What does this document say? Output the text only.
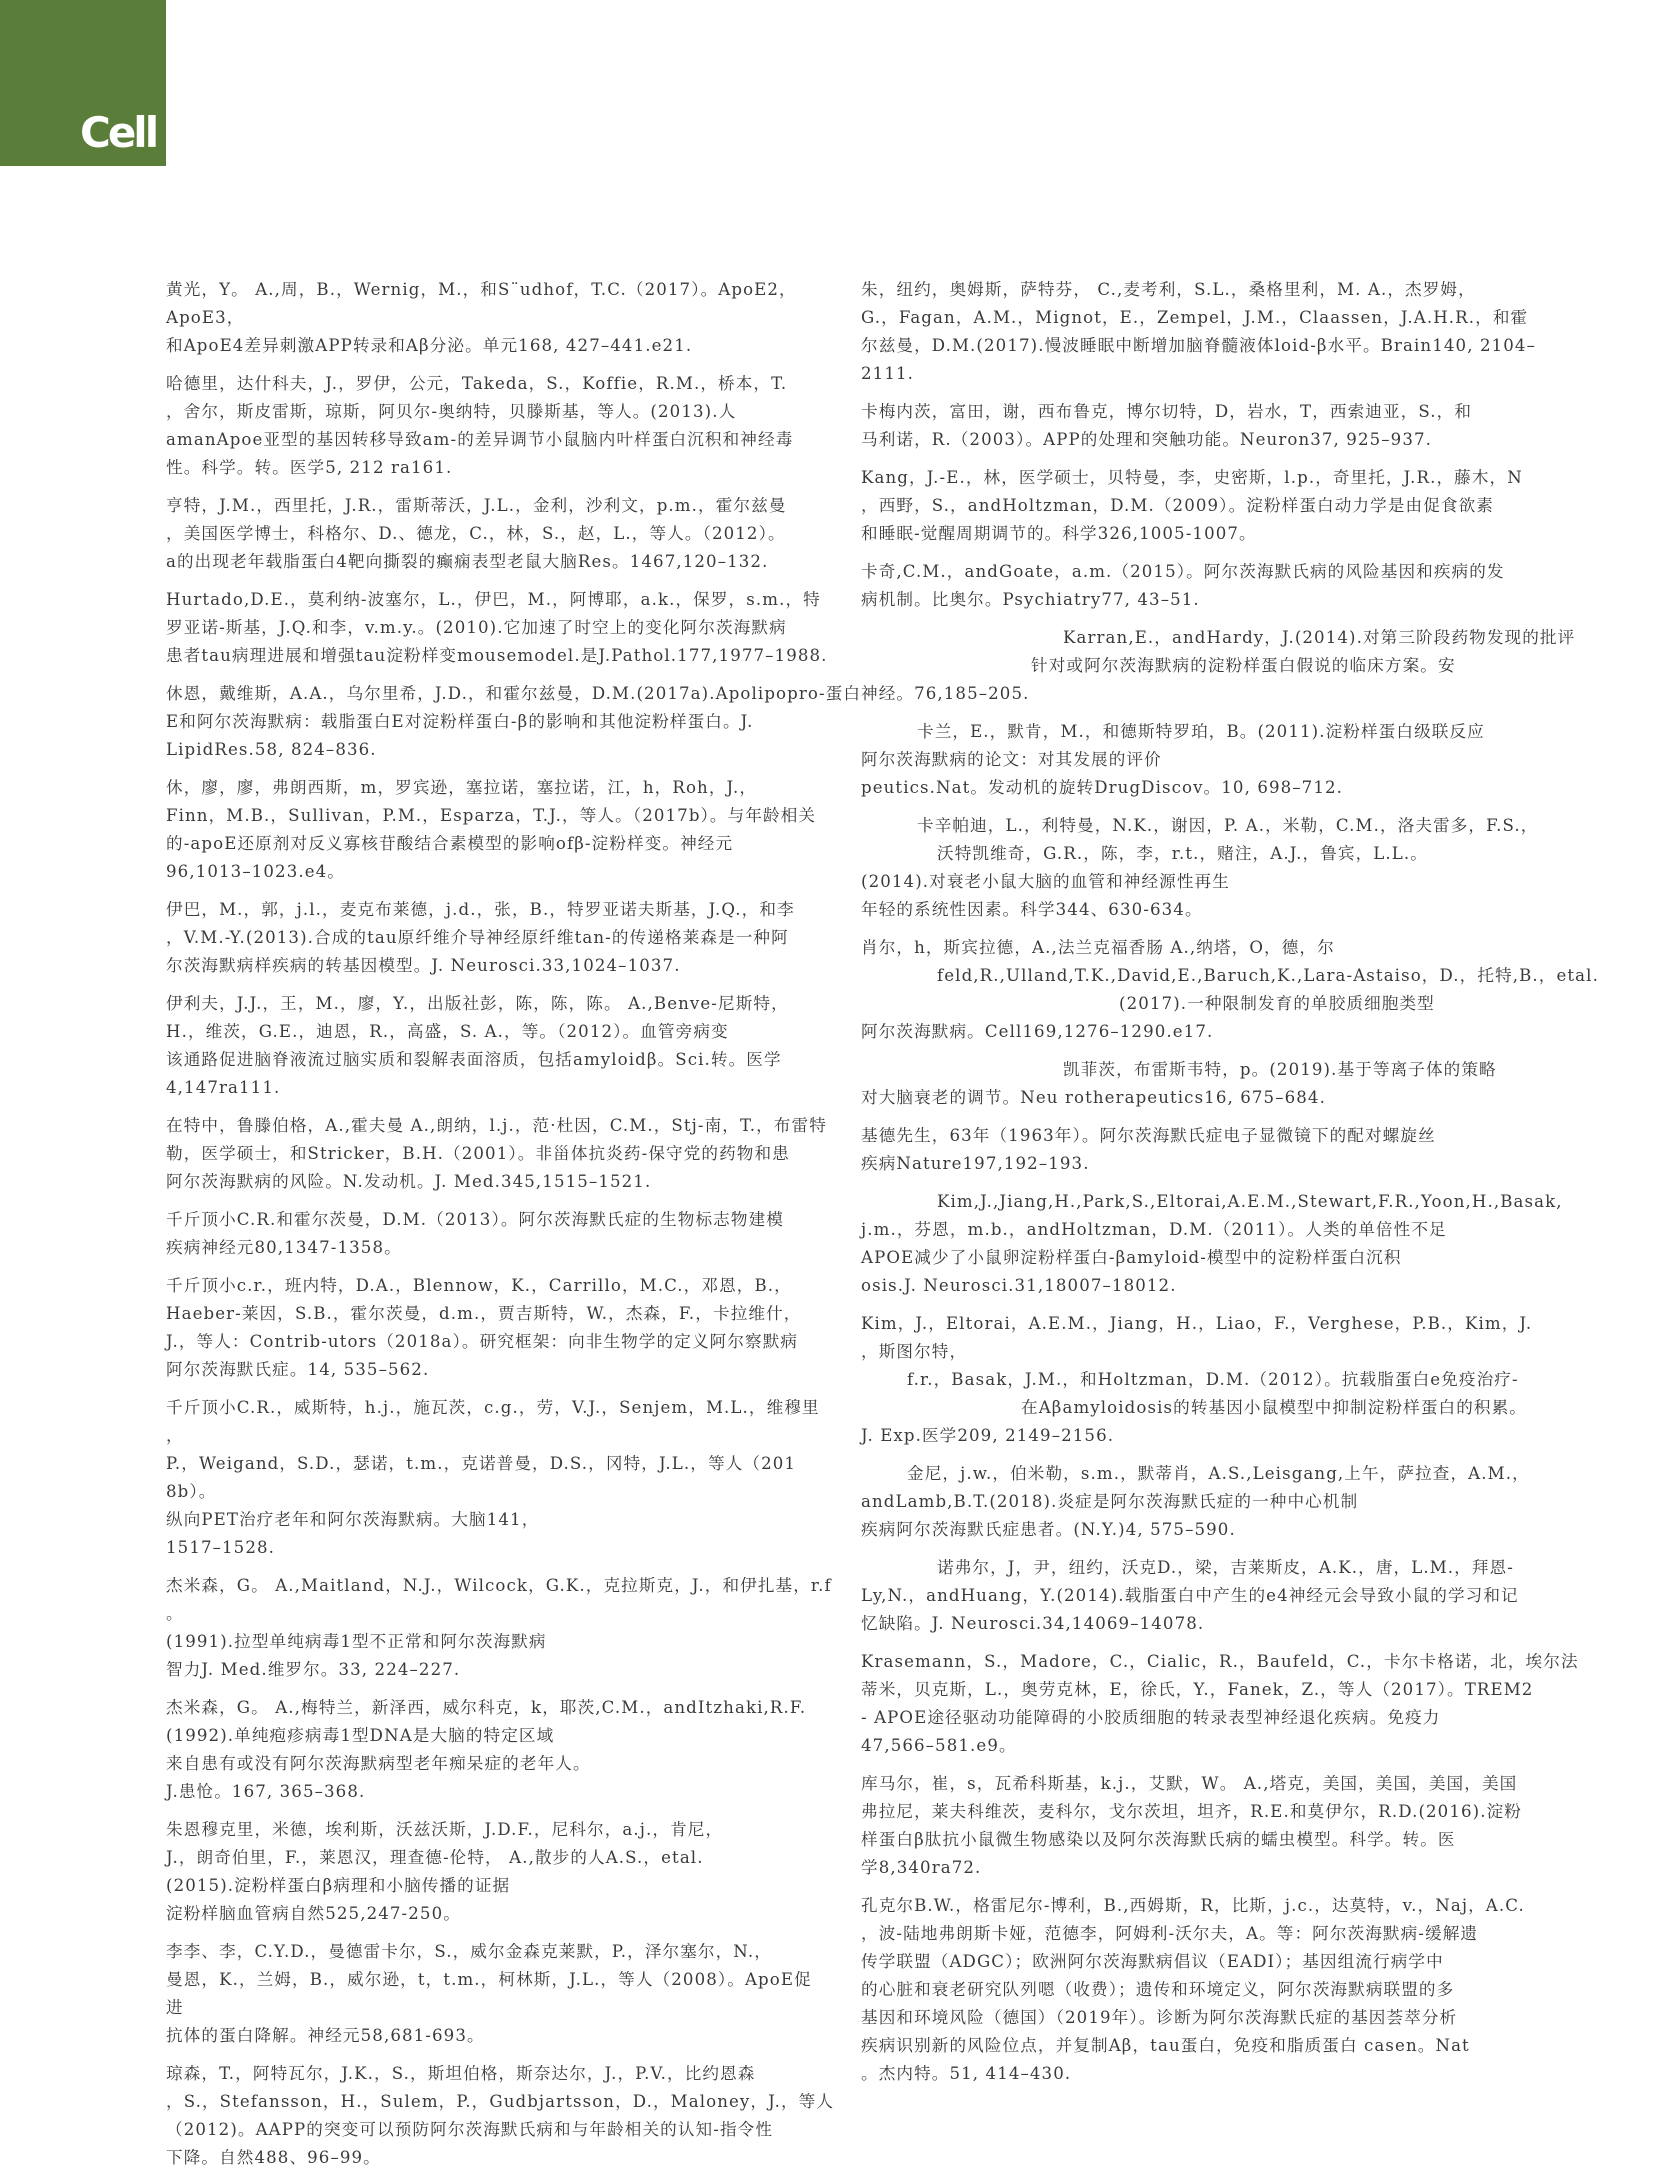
Cell
黄光，Y。 A.,周，B.，Wernig，M.，和S¨udhof，T.C.（2017）。ApoE2，
ApoE3，
和ApoE4差异刺激APP转录和Aβ分泌。单元168, 427–441.e21.
哈德里，达什科夫，J.，罗伊，公元，Takeda，S.，Koffie，R.M.，桥本，T.
，舍尔，斯皮雷斯，琼斯，阿贝尔-奥纳特，贝滕斯基，等人。(2013).人
amanApoe亚型的基因转移导致am-的差异调节小鼠脑内叶样蛋白沉积和神经毒
性。科学。转。医学5, 212 ra161.
亨特，J.M.，西里托，J.R.，雷斯蒂沃，J.L.，金利，沙利文，p.m.，霍尔兹曼
，美国医学博士，科格尔、D.、德龙，C.，林，S.，赵，L.，等人。（2012）。
a的出现老年载脂蛋白4靶向撕裂的癫痫表型老鼠大脑Res。1467,120–132.
Hurtado,D.E.，莫利纳-波塞尔，L.，伊巴，M.，阿博耶，a.k.，保罗，s.m.，特
罗亚诺-斯基，J.Q.和李，v.m.y.。(2010).它加速了时空上的变化阿尔茨海默病
患者tau病理进展和增强tau淀粉样变mousemodel.是J.Pathol.177,1977–1988.
休恩，戴维斯，A.A.，乌尔里希，J.D.，和霍尔兹曼，D.M.(2017a).Apolipopro-蛋白
E和阿尔茨海默病：载脂蛋白E对淀粉样蛋白-β的影响和其他淀粉样蛋白。J.
LipidRes.58, 824–836.
休，廖，廖，弗朗西斯，m，罗宾逊，塞拉诺，塞拉诺，江，h，Roh，J.，
Finn，M.B.，Sullivan，P.M.，Esparza，T.J.，等人。（2017b）。与年龄相关
的-apoE还原剂对反义寡核苷酸结合素模型的影响ofβ-淀粉样变。神经元
96,1013–1023.e4。
伊巴，M.，郭，j.l.，麦克布莱德，j.d.，张，B.，特罗亚诺夫斯基，J.Q.，和李
，V.M.-Y.(2013).合成的tau原纤维介导神经原纤维tan-的传递格莱森是一种阿
尔茨海默病样疾病的转基因模型。J. Neurosci.33,1024–1037.
伊利夫，J.J.，王，M.，廖，Y.，出版社彭，陈，陈，陈。 A.,Benve-尼斯特，
H.，维茨，G.E.，迪恩，R.，高盛，S. A.，等。（2012）。血管旁病变
该通路促进脑脊液流过脑实质和裂解表面溶质，包括amyloidβ。Sci.转。医学
4,147ra111.
在特中，鲁滕伯格，A.,霍夫曼 A.,朗纳，l.j.，范·杜因，C.M.，Stj-南，T.，布雷特
勒，医学硕士，和Stricker，B.H.（2001）。非甾体抗炎药-保守党的药物和患
阿尔茨海默病的风险。N.发动机。J. Med.345,1515–1521.
千斤顶小C.R.和霍尔茨曼，D.M.（2013）。阿尔茨海默氏症的生物标志物建模
疾病神经元80,1347-1358。
千斤顶小c.r.，班内特，D.A.，Blennow，K.，Carrillo，M.C.，邓恩，B.，
Haeber-莱因，S.B.，霍尔茨曼，d.m.，贾吉斯特，W.，杰森，F.，卡拉维什，
J.，等人：Contrib-utors（2018a）。研究框架：向非生物学的定义阿尔察默病
阿尔茨海默氏症。14, 535–562.
千斤顶小C.R.，威斯特，h.j.，施瓦茨，c.g.，劳，V.J.，Senjem，M.L.，维穆里
，
P.，Weigand，S.D.，瑟诺，t.m.，克诺普曼，D.S.，冈特，J.L.，等人（201
8b）。
纵向PET治疗老年和阿尔茨海默病。大脑141，
1517–1528.
杰米森，G。 A.,Maitland，N.J.，Wilcock，G.K.，克拉斯克，J.，和伊扎基，r.f
。
(1991).拉型单纯病毒1型不正常和阿尔茨海默病
智力J. Med.维罗尔。33, 224–227.
杰米森，G。 A.,梅特兰，新泽西，威尔科克，k，耶茨,C.M.，andItzhaki,R.F.
(1992).单纯疱疹病毒1型DNA是大脑的特定区域
来自患有或没有阿尔茨海默病型老年痴呆症的老年人。
J.患怆。167, 365–368.
朱恩穆克里，米德，埃利斯，沃兹沃斯，J.D.F.，尼科尔，a.j.，肯尼，
J.，朗奇伯里，F.，莱恩汉，理查德-伦特， A.,散步的人A.S.，etal.
(2015).淀粉样蛋白β病理和小脑传播的证据
淀粉样脑血管病自然525,247-250。
李李、李，C.Y.D.，曼德雷卡尔，S.，威尔金森克莱默，P.，泽尔塞尔，N.，
曼恩，K.，兰姆，B.，威尔逊，t，t.m.，柯林斯，J.L.，等人（2008）。ApoE促
进
抗体的蛋白降解。神经元58,681-693。
琼森，T.，阿特瓦尔，J.K.，S.，斯坦伯格，斯奈达尔，J.，P.V.，比约恩森
，S.，Stefansson，H.，Sulem，P.，Gudbjartsson，D.，Maloney，J.，等人
（2012)。AAPP的突变可以预防阿尔茨海默氏病和与年龄相关的认知-指令性
下降。自然488、96–99。
朱，纽约，奥姆斯，萨特芬， C.,麦考利，S.L.，桑格里利，M. A.，杰罗姆，
G.，Fagan，A.M.，Mignot，E.，Zempel，J.M.，Claassen，J.A.H.R.，和霍
尔兹曼，D.M.(2017).慢波睡眠中断增加脑脊髓液体loid-β水平。Brain140, 2104–
2111.
卡梅内茨，富田，谢，西布鲁克，博尔切特，D，岩水，T，西索迪亚，S.，和
马利诺，R.（2003）。APP的处理和突触功能。Neuron37, 925–937.
Kang，J.-E.，林，医学硕士，贝特曼，李，史密斯，l.p.，奇里托，J.R.，藤木，N
，西野，S.，andHoltzman，D.M.（2009）。淀粉样蛋白动力学是由促食欲素
和睡眠-觉醒周期调节的。科学326,1005-1007。
卡奇,C.M.，andGoate，a.m.（2015）。阿尔茨海默氏病的风险基因和疾病的发
病机制。比奥尔。Psychiatry77, 43–51.
Karran,E.，andHardy，J.(2014).对第三阶段药物发现的批评
针对或阿尔茨海默病的淀粉样蛋白假说的临床方案。安
神经。76,185–205.
卡兰，E.，默肯，M.，和德斯特罗珀，B。(2011).淀粉样蛋白级联反应
阿尔茨海默病的论文：对其发展的评价
peutics.Nat。发动机的旋转DrugDiscov。10, 698–712.
卡辛帕迪，L.，利特曼，N.K.，谢因，P. A.，米勒，C.M.，洛夫雷多，F.S.，
沃特凯维奇，G.R.，陈，李，r.t.，赌注，A.J.，鲁宾，L.L.。
(2014).对衰老小鼠大脑的血管和神经源性再生
年轻的系统性因素。科学344、630-634。
肖尔，h，斯宾拉德，A.,法兰克福香肠 A.,纳塔，O，德，尔
feld,R.,Ulland,T.K.,David,E.,Baruch,K.,Lara-Astaiso，D.，托特,B.，etal.
(2017).一种限制发育的单胶质细胞类型
阿尔茨海默病。Cell169,1276–1290.e17.
凯菲茨，布雷斯韦特，p。(2019).基于等离子体的策略
对大脑衰老的调节。Neu rotherapeutics16, 675–684.
基德先生，63年（1963年）。阿尔茨海默氏症电子显微镜下的配对螺旋丝
疾病Nature197,192–193.
Kim,J.,Jiang,H.,Park,S.,Eltorai,A.E.M.,Stewart,F.R.,Yoon,H.,Basak,
j.m.，芬恩，m.b.，andHoltzman，D.M.（2011）。人类的单倍性不足
APOE减少了小鼠卵淀粉样蛋白-βamyloid-模型中的淀粉样蛋白沉积
osis.J. Neurosci.31,18007–18012.
Kim，J.，Eltorai，A.E.M.，Jiang，H.，Liao，F.，Verghese，P.B.，Kim，J.
，斯图尔特，
f.r.，Basak，J.M.，和Holtzman，D.M.（2012）。抗载脂蛋白e免疫治疗-
在Aβamyloidosis的转基因小鼠模型中抑制淀粉样蛋白的积累。
J. Exp.医学209, 2149–2156.
金尼，j.w.，伯米勒，s.m.，默蒂肖，A.S.,Leisgang,上午，萨拉查，A.M.，
andLamb,B.T.(2018).炎症是阿尔茨海默氏症的一种中心机制
疾病阿尔茨海默氏症患者。(N.Y.)4, 575–590.
诺弗尔，J，尹，纽约，沃克D.，梁，吉莱斯皮，A.K.，唐，L.M.，拜恩-
Ly,N.，andHuang，Y.(2014).载脂蛋白中产生的e4神经元会导致小鼠的学习和记
忆缺陷。J. Neurosci.34,14069–14078.
Krasemann，S.，Madore，C.，Cialic，R.，Baufeld，C.，卡尔卡格诺，北，埃尔法
蒂米，贝克斯，L.，奥劳克林，E，徐氏，Y.，Fanek，Z.，等人（2017）。TREM2
- APOE途径驱动功能障碍的小胶质细胞的转录表型神经退化疾病。免疫力
47,566–581.e9。
库马尔，崔，s，瓦希科斯基，k.j.，艾默，W。 A.,塔克，美国，美国，美国，美国
弗拉尼，莱夫科维茨，麦科尔，戈尔茨坦，坦齐，R.E.和莫伊尔，R.D.(2016).淀粉
样蛋白β肽抗小鼠微生物感染以及阿尔茨海默氏病的蠕虫模型。科学。转。医
学8,340ra72.
孔克尔B.W.，格雷尼尔-博利，B.,西姆斯，R，比斯，j.c.，达莫特，v.，Naj，A.C.
，波-陆地弗朗斯卡娅，范德李，阿姆利-沃尔夫，A。等：阿尔茨海默病-缓解遗
传学联盟（ADGC）；欧洲阿尔茨海默病倡议（EADI）；基因组流行病学中
的心脏和衰老研究队列嗯（收费）；遗传和环境定义，阿尔茨海默病联盟的多
基因和环境风险（德国）（2019年）。诊断为阿尔茨海默氏症的基因荟萃分析
疾病识别新的风险位点，并复制Aβ，tau蛋白，免疫和脂质蛋白 casen。Nat
。杰内特。51, 414–430.
